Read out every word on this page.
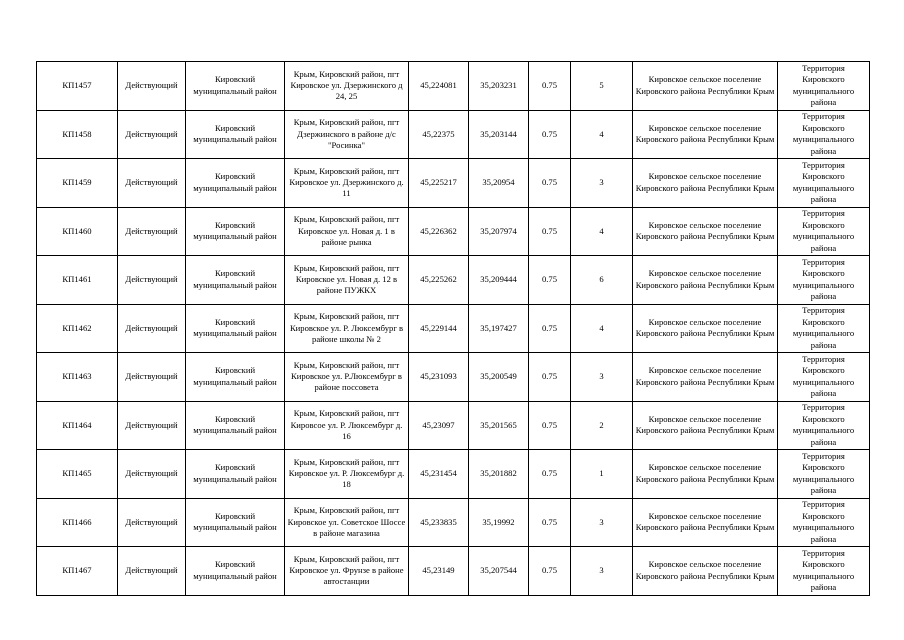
КП1457	Действующий	Кировский муниципальный район	Крым, Кировский район, пгт Кировское ул. Дзержинского д 24, 25	45,224081	35,203231	0.75	5	Кировское сельское поселение Кировского района Республики Крым	Территория Кировского муниципального района
КП1458	Действующий	Кировский муниципальный район	Крым, Кировский район, пгт Дзержинского в районе д/с "Росинка"	45,22375	35,203144	0.75	4	Кировское сельское поселение Кировского района Республики Крым	Территория Кировского муниципального района
КП1459	Действующий	Кировский муниципальный район	Крым, Кировский район, пгт Кировское ул. Дзержинского д. 11	45,225217	35,20954	0.75	3	Кировское сельское поселение Кировского района Республики Крым	Территория Кировского муниципального района
КП1460	Действующий	Кировский муниципальный район	Крым, Кировский район, пгт Кировское ул. Новая д. 1 в районе рынка	45,226362	35,207974	0.75	4	Кировское сельское поселение Кировского района Республики Крым	Территория Кировского муниципального района
КП1461	Действующий	Кировский муниципальный район	Крым, Кировский район, пгт Кировское ул. Новая д. 12 в районе ПУЖКХ	45,225262	35,209444	0.75	6	Кировское сельское поселение Кировского района Республики Крым	Территория Кировского муниципального района
КП1462	Действующий	Кировский муниципальный район	Крым, Кировский район, пгт Кировское ул. Р. Люксембург в районе школы № 2	45,229144	35,197427	0.75	4	Кировское сельское поселение Кировского района Республики Крым	Территория Кировского муниципального района
КП1463	Действующий	Кировский муниципальный район	Крым, Кировский район, пгт Кировское ул. Р.Люксембург в районе поссовета	45,231093	35,200549	0.75	3	Кировское сельское поселение Кировского района Республики Крым	Территория Кировского муниципального района
КП1464	Действующий	Кировский муниципальный район	Крым, Кировский район, пгт Кировсое ул. Р. Люксембург д. 16	45,23097	35,201565	0.75	2	Кировское сельское поселение Кировского района Республики Крым	Территория Кировского муниципального района
КП1465	Действующий	Кировский муниципальный район	Крым, Кировский район, пгт Кировское ул. Р. Люксембург д. 18	45,231454	35,201882	0.75	1	Кировское сельское поселение Кировского района Республики Крым	Территория Кировского муниципального района
КП1466	Действующий	Кировский муниципальный район	Крым, Кировский район, пгт Кировское ул. Советское Шоссе в районе магазина	45,233835	35,19992	0.75	3	Кировское сельское поселение Кировского района Республики Крым	Территория Кировского муниципального района
КП1467	Действующий	Кировский муниципальный район	Крым, Кировский район, пгт Кировское ул. Фрунзе в районе автостанции	45,23149	35,207544	0.75	3	Кировское сельское поселение Кировского района Республики Крым	Территория Кировского муниципального района
